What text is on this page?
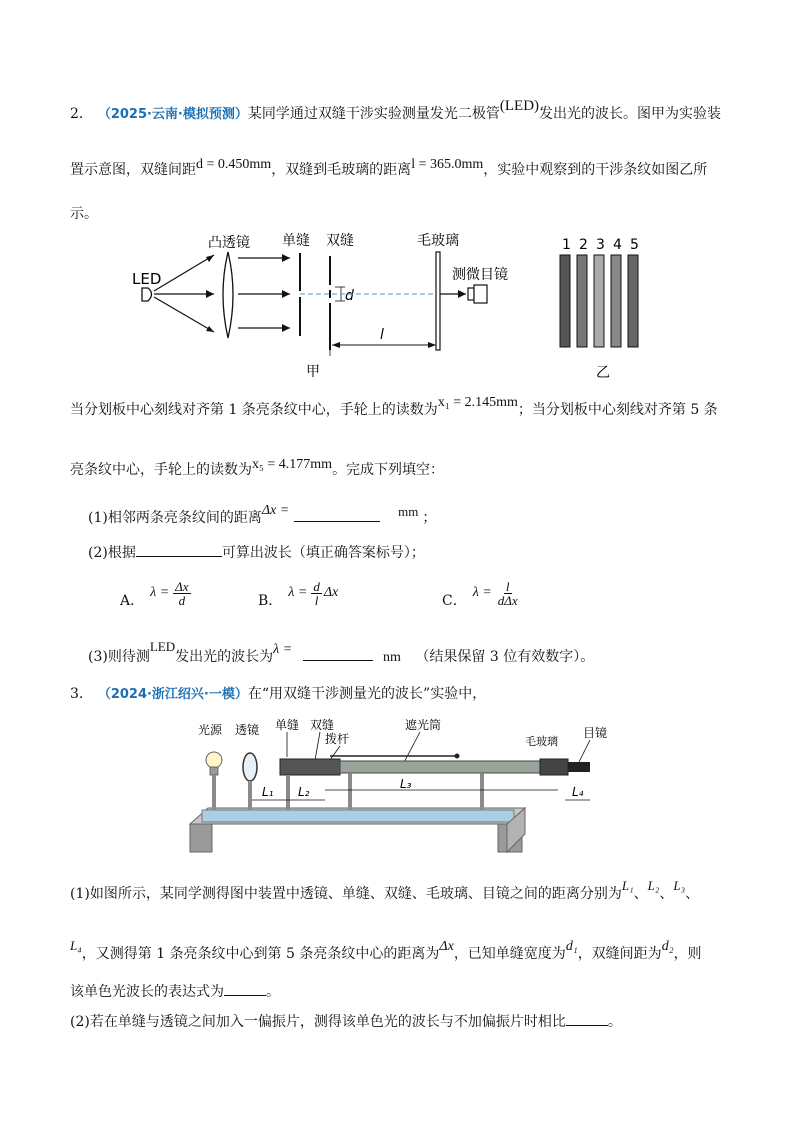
2. （2025·云南·模拟预测）某同学通过双缝干涉实验测量发光二极管(LED)发出光的波长。图甲为实验装
置示意图，双缝间距d = 0.450mm，双缝到毛玻璃的距离l = 365.0mm，实验中观察到的干涉条纹如图乙所
示。
凸透镜 单缝 双缝	毛玻璃
LED	测微目镜
d
l
甲
1 2 3 4 5
乙
当分划板中心刻线对齐第 1 条亮条纹中心，手轮上的读数为x₁ = 2.145mm；当分划板中心刻线对齐第 5 条
亮条纹中心，手轮上的读数为x₅ = 4.177mm。完成下列填空：
(1)相邻两条亮条纹间的距离Δx =	mm ；
(2)根据	可算出波长（填正确答案标号）；
A．
$\lambda = \frac{\Delta x}{d}$	B．
$\lambda = \frac{d}{l}$ Δx
C．
$\lambda = \frac{l}{\text{dΔx}}$
(3)则待测LED发出光的波长为λ =  nm （结果保留 3 位有效数字）。
3. （2024·浙江绍兴·一模）在“用双缝干涉测量光的波长”实验中，
光源 透镜 单缝 双缝
拨杆
遮光筒
毛玻璃
目镜
L₁ L₂
L₃
L₄
(1)如图所示，某同学测得图中装置中透镜、单缝、双缝、毛玻璃、目镜之间的距离分别为L₁、L₂、L₃、
L₄，又测得第 1 条亮条纹中心到第 5 条亮条纹中心的距离为Δx，已知单缝宽度为d₁，双缝间距为d₂，则
该单色光波长的表达式为	。
(2)若在单缝与透镜之间加入一偏振片，测得该单色光的波长与不加偏振片时相比	。
